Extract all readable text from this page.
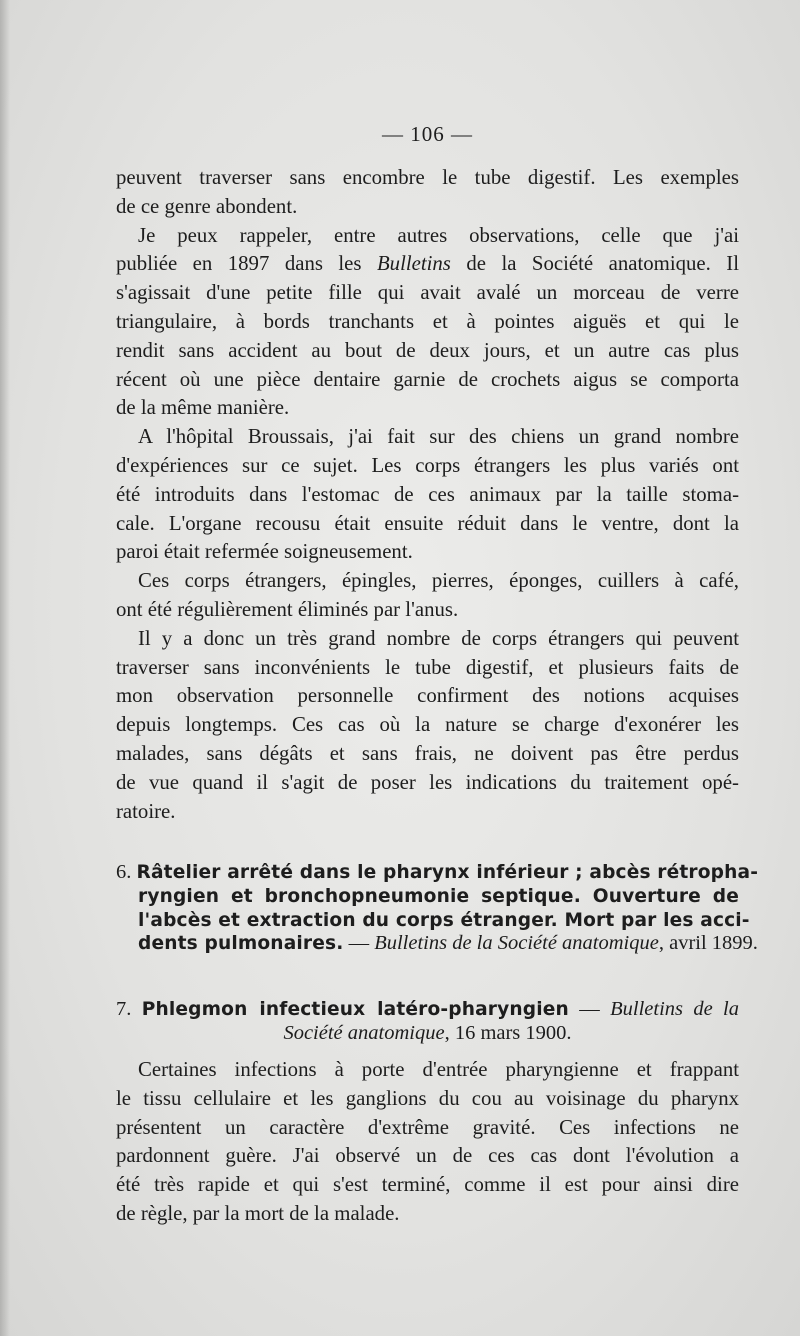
— 106 —
peuvent traverser sans encombre le tube digestif. Les exemples
de ce genre abondent.
Je peux rappeler, entre autres observations, celle que j'ai
publiée en 1897 dans les Bulletins de la Société anatomique. Il
s'agissait d'une petite fille qui avait avalé un morceau de verre
triangulaire, à bords tranchants et à pointes aiguës et qui le
rendit sans accident au bout de deux jours, et un autre cas plus
récent où une pièce dentaire garnie de crochets aigus se comporta
de la même manière.
A l'hôpital Broussais, j'ai fait sur des chiens un grand nombre
d'expériences sur ce sujet. Les corps étrangers les plus variés ont
été introduits dans l'estomac de ces animaux par la taille stoma-
cale. L'organe recousu était ensuite réduit dans le ventre, dont la
paroi était refermée soigneusement.
Ces corps étrangers, épingles, pierres, éponges, cuillers à café,
ont été régulièrement éliminés par l'anus.
Il y a donc un très grand nombre de corps étrangers qui peuvent
traverser sans inconvénients le tube digestif, et plusieurs faits de
mon observation personnelle confirment des notions acquises
depuis longtemps. Ces cas où la nature se charge d'exonérer les
malades, sans dégâts et sans frais, ne doivent pas être perdus
de vue quand il s'agit de poser les indications du traitement opé-
ratoire.
6. Râtelier arrêté dans le pharynx inférieur ; abcès rétropha-
ryngien et bronchopneumonie septique. Ouverture de
l'abcès et extraction du corps étranger. Mort par les acci-
dents pulmonaires. — Bulletins de la Société anatomique, avril 1899.
7. Phlegmon infectieux latéro-pharyngien — Bulletins de la
Société anatomique, 16 mars 1900.
Certaines infections à porte d'entrée pharyngienne et frappant
le tissu cellulaire et les ganglions du cou au voisinage du pharynx
présentent un caractère d'extrême gravité. Ces infections ne
pardonnent guère. J'ai observé un de ces cas dont l'évolution a
été très rapide et qui s'est terminé, comme il est pour ainsi dire
de règle, par la mort de la malade.
